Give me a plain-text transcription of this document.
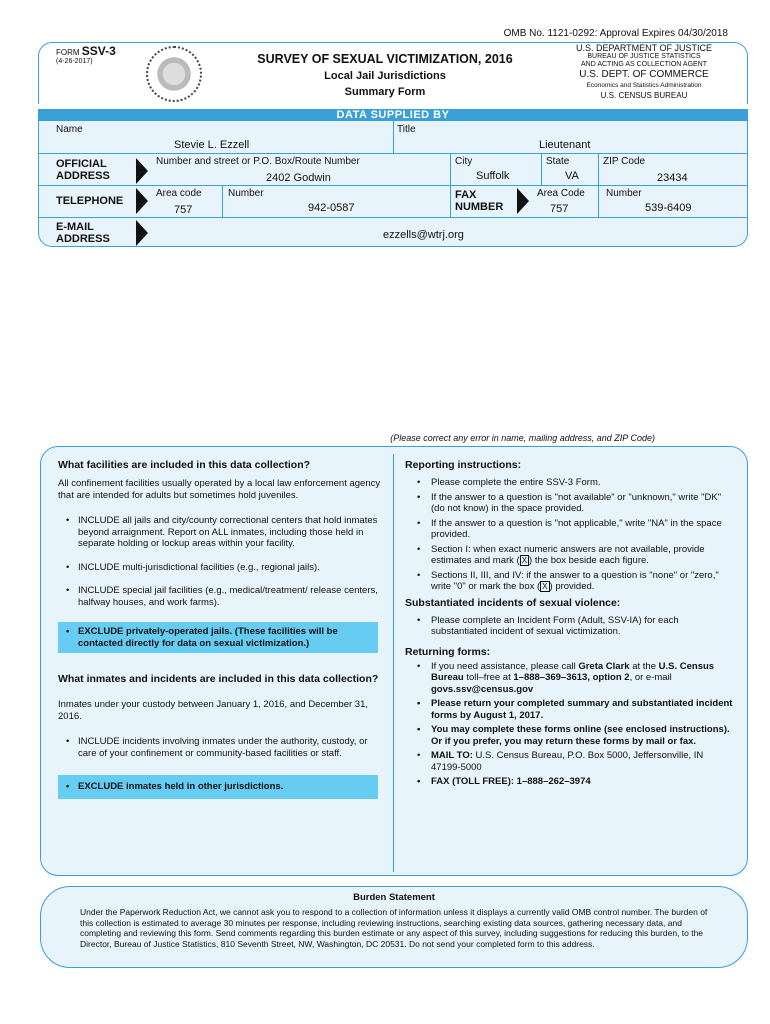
OMB No. 1121-0292: Approval Expires 04/30/2018
FORM SSV-3
(4-26-2017)	SURVEY OF SEXUAL VICTIMIZATION, 2016
Local Jail Jurisdictions
Summary Form
U.S. DEPARTMENT OF JUSTICE
BUREAU OF JUSTICE STATISTICS
AND ACTING AS COLLECTION AGENT
U.S. DEPT. OF COMMERCE
Economics and Statistics Administration
U.S. CENSUS BUREAU
DATA SUPPLIED BY
Name
Stevie L. Ezzell
Title
Lieutenant
OFFICIAL
ADDRESS
Number and street or P.O. Box/Route Number
2402 Godwin
City
Suffolk
State
VA
ZIP Code
23434
TELEPHONE
Area code
757
Number
942-0587
FAX
NUMBER
Area Code
757
Number
539-6409
E-MAIL
ADDRESS	ezzells@wtrj.org
(Please correct any error in name, mailing address, and ZIP Code)
What facilities are included in this data collection?
All confinement facilities usually operated by a local law enforcement agency that are intended for adults but sometimes hold juveniles.
• INCLUDE all jails and city/county correctional centers that hold inmates beyond arraignment. Report on ALL inmates, including those held in separate holding or lockup areas within your facility.
• INCLUDE multi-jurisdictional facilities (e.g., regional jails).
• INCLUDE special jail facilities (e.g., medical/treatment/ release centers, halfway houses, and work farms).
• EXCLUDE privately-operated jails. (These facilities will be contacted directly for data on sexual victimization.)
What inmates and incidents are included in this data collection?
Inmates under your custody between January 1, 2016, and December 31, 2016.
• INCLUDE incidents involving inmates under the authority, custody, or care of your confinement or community-based facilities or staff.
• EXCLUDE inmates held in other jurisdictions.
Reporting instructions:
• Please complete the entire SSV-3 Form.
• If the answer to a question is "not available" or "unknown," write "DK" (do not know) in the space provided.
• If the answer to a question is "not applicable," write "NA" in the space provided.
• Section I: when exact numeric answers are not available, provide estimates and mark ( X ) the box beside each figure.
• Sections II, III, and IV: if the answer to a question is "none" or "zero," write "0" or mark the box ( X ) provided.
Substantiated incidents of sexual violence:
• Please complete an Incident Form (Adult, SSV-IA) for each substantiated incident of sexual victimization.
Returning forms:
• If you need assistance, please call Greta Clark at the U.S. Census Bureau toll–free at 1–888–369–3613, option 2, or e-mail govs.ssv@census.gov
• Please return your completed summary and substantiated incident forms by August 1, 2017.
• You may complete these forms online (see enclosed instructions). Or if you prefer, you may return these forms by mail or fax.
• MAIL TO: U.S. Census Bureau, P.O. Box 5000, Jeffersonville, IN 47199-5000
• FAX (TOLL FREE): 1–888–262–3974
Burden Statement
Under the Paperwork Reduction Act, we cannot ask you to respond to a collection of information unless it displays a currently valid OMB control number. The burden of this collection is estimated to average 30 minutes per response, including reviewing instructions, searching existing data sources, gathering necessary data, and completing and reviewing this form. Send comments regarding this burden estimate or any aspect of this survey, including suggestions for reducing this burden, to the Director, Bureau of Justice Statistics, 810 Seventh Street, NW, Washington, DC 20531. Do not send your completed form to this address.
